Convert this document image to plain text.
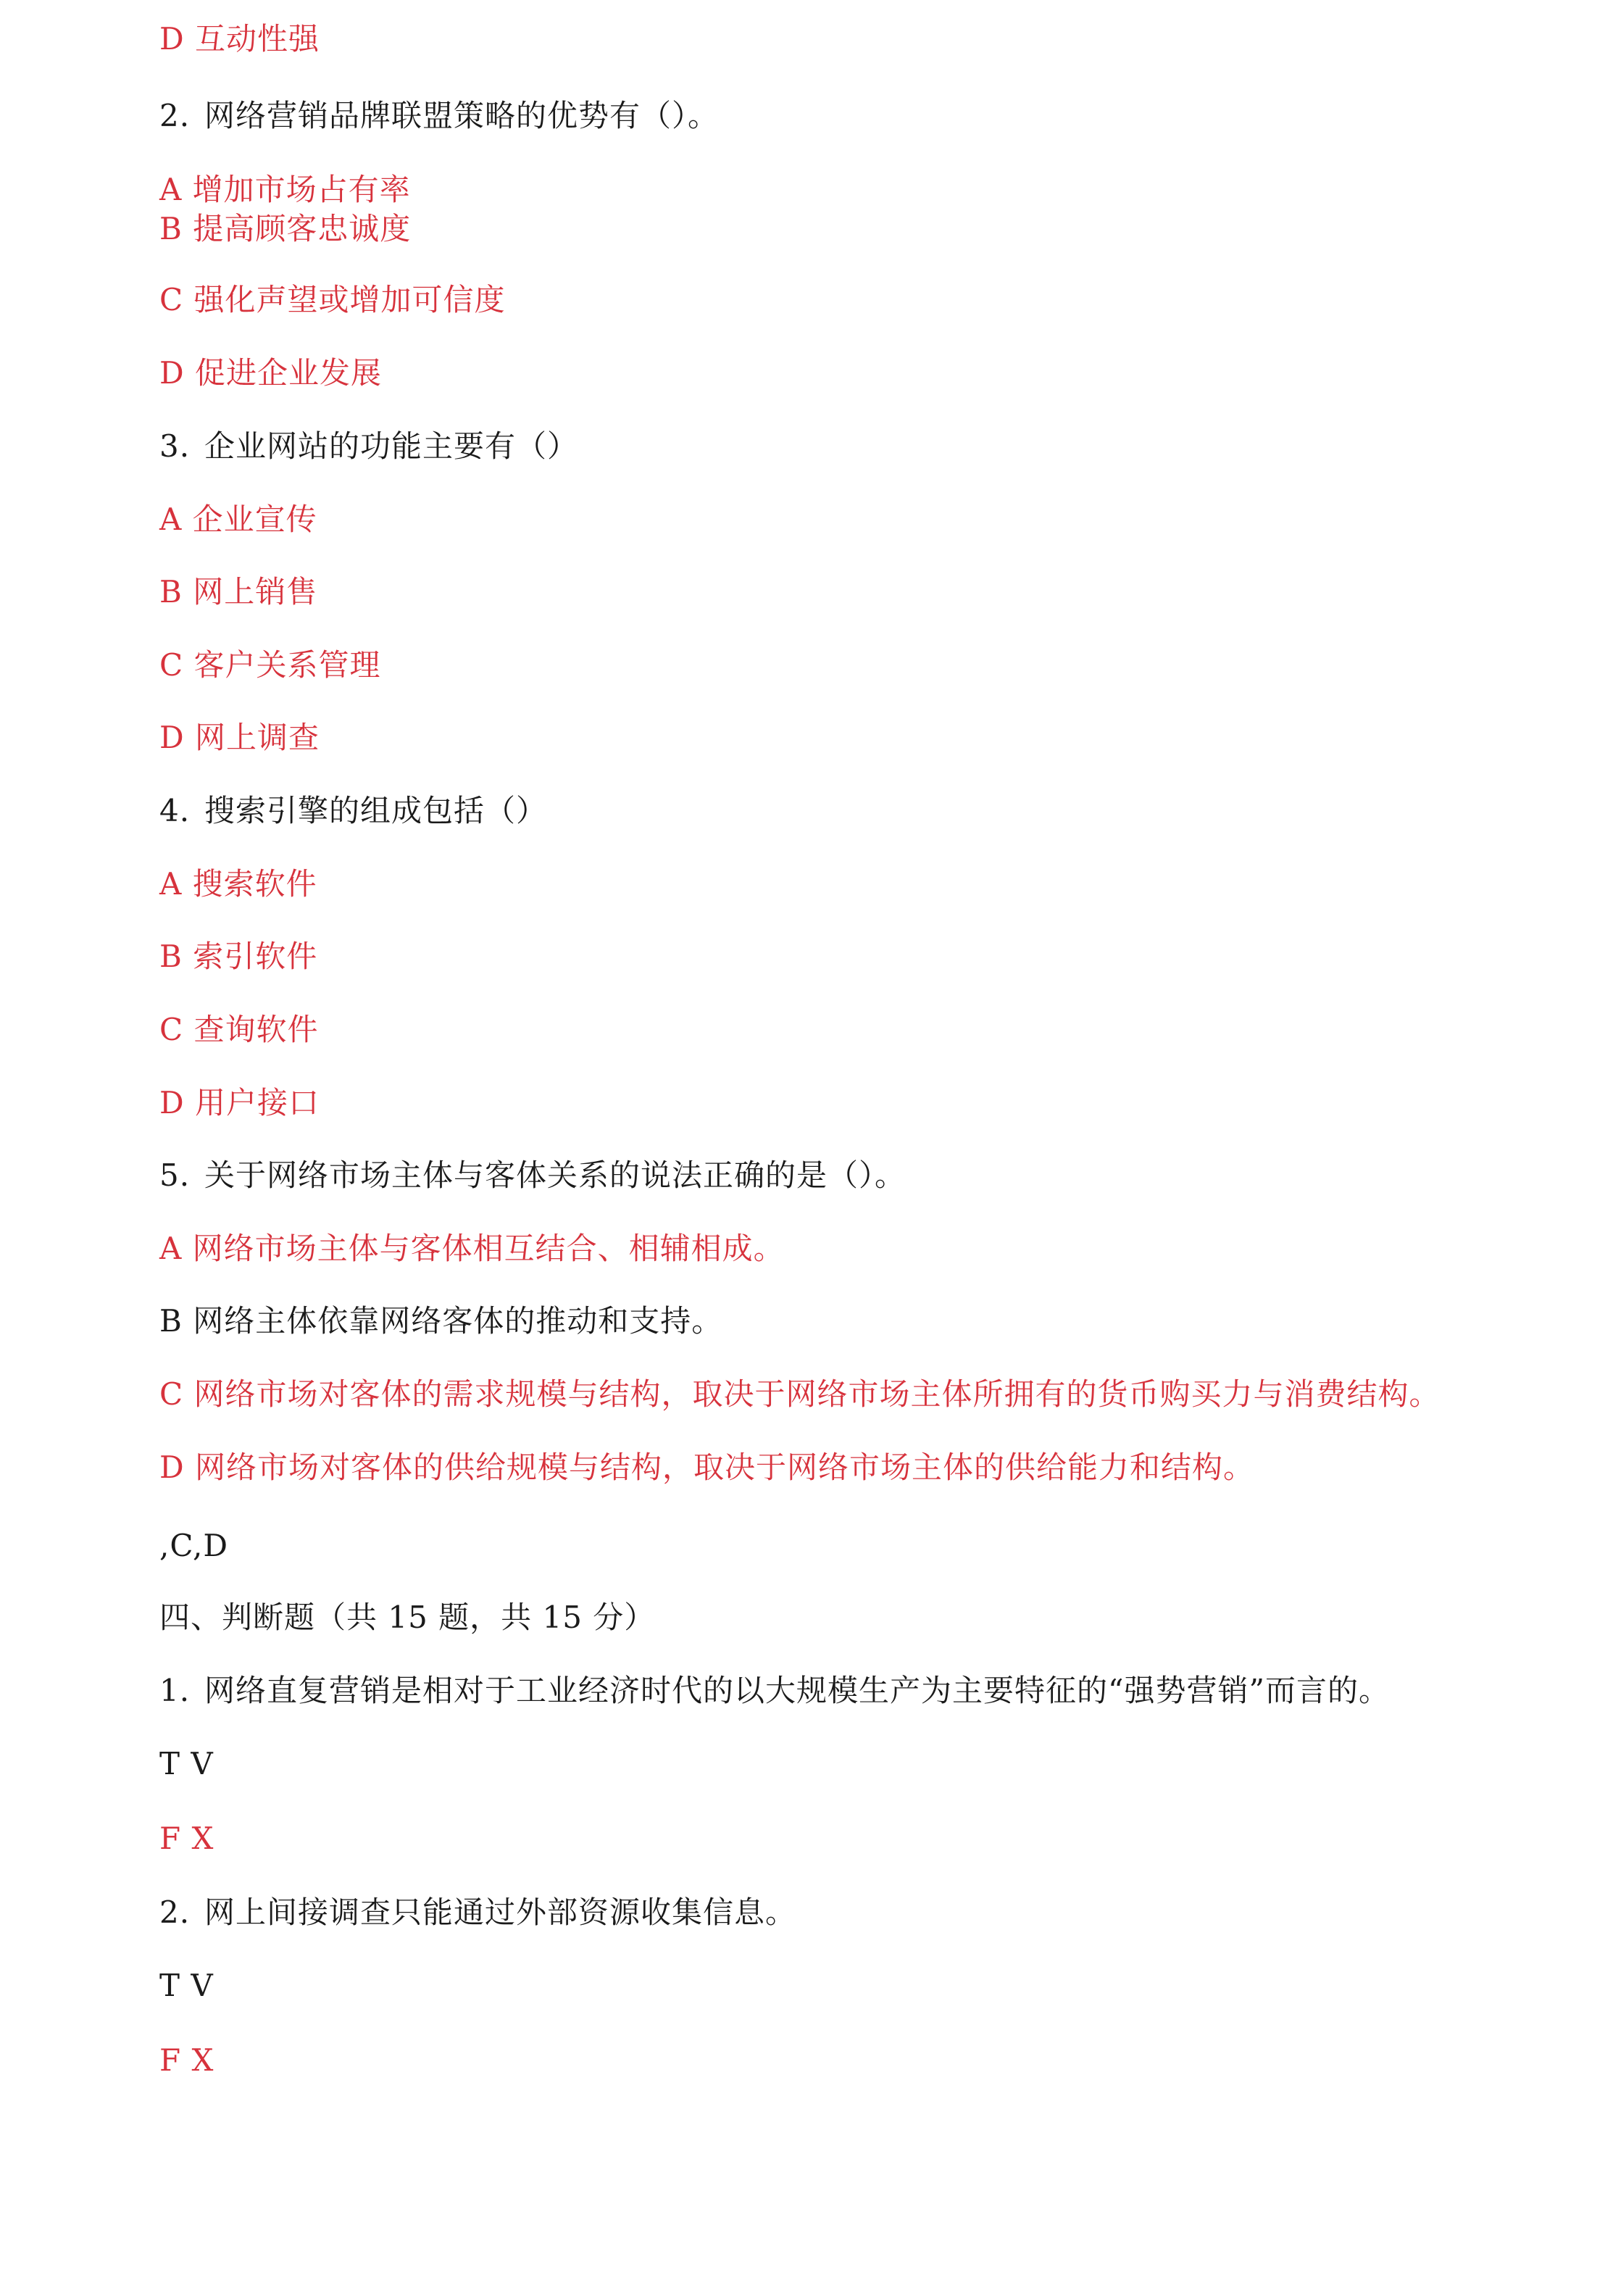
D 互动性强
2. 网络营销品牌联盟策略的优势有（）。
A 增加市场占有率
B 提高顾客忠诚度
C 强化声望或增加可信度
D 促进企业发展
3. 企业网站的功能主要有（）
A 企业宣传
B 网上销售
C 客户关系管理
D 网上调查
4. 搜索引擎的组成包括（）
A 搜索软件
B 索引软件
C 查询软件
D 用户接口
5. 关于网络市场主体与客体关系的说法正确的是（）。
A 网络市场主体与客体相互结合、相辅相成。
B 网络主体依靠网络客体的推动和支持。
C 网络市场对客体的需求规模与结构，取决于网络市场主体所拥有的货币购买力与消费结构。
D 网络市场对客体的供给规模与结构，取决于网络市场主体的供给能力和结构。
,C,D
四、判断题（共 15 题，共 15 分）
1. 网络直复营销是相对于工业经济时代的以大规模生产为主要特征的“强势营销”而言的。
T V
F X
2. 网上间接调查只能通过外部资源收集信息。
T V
F X
